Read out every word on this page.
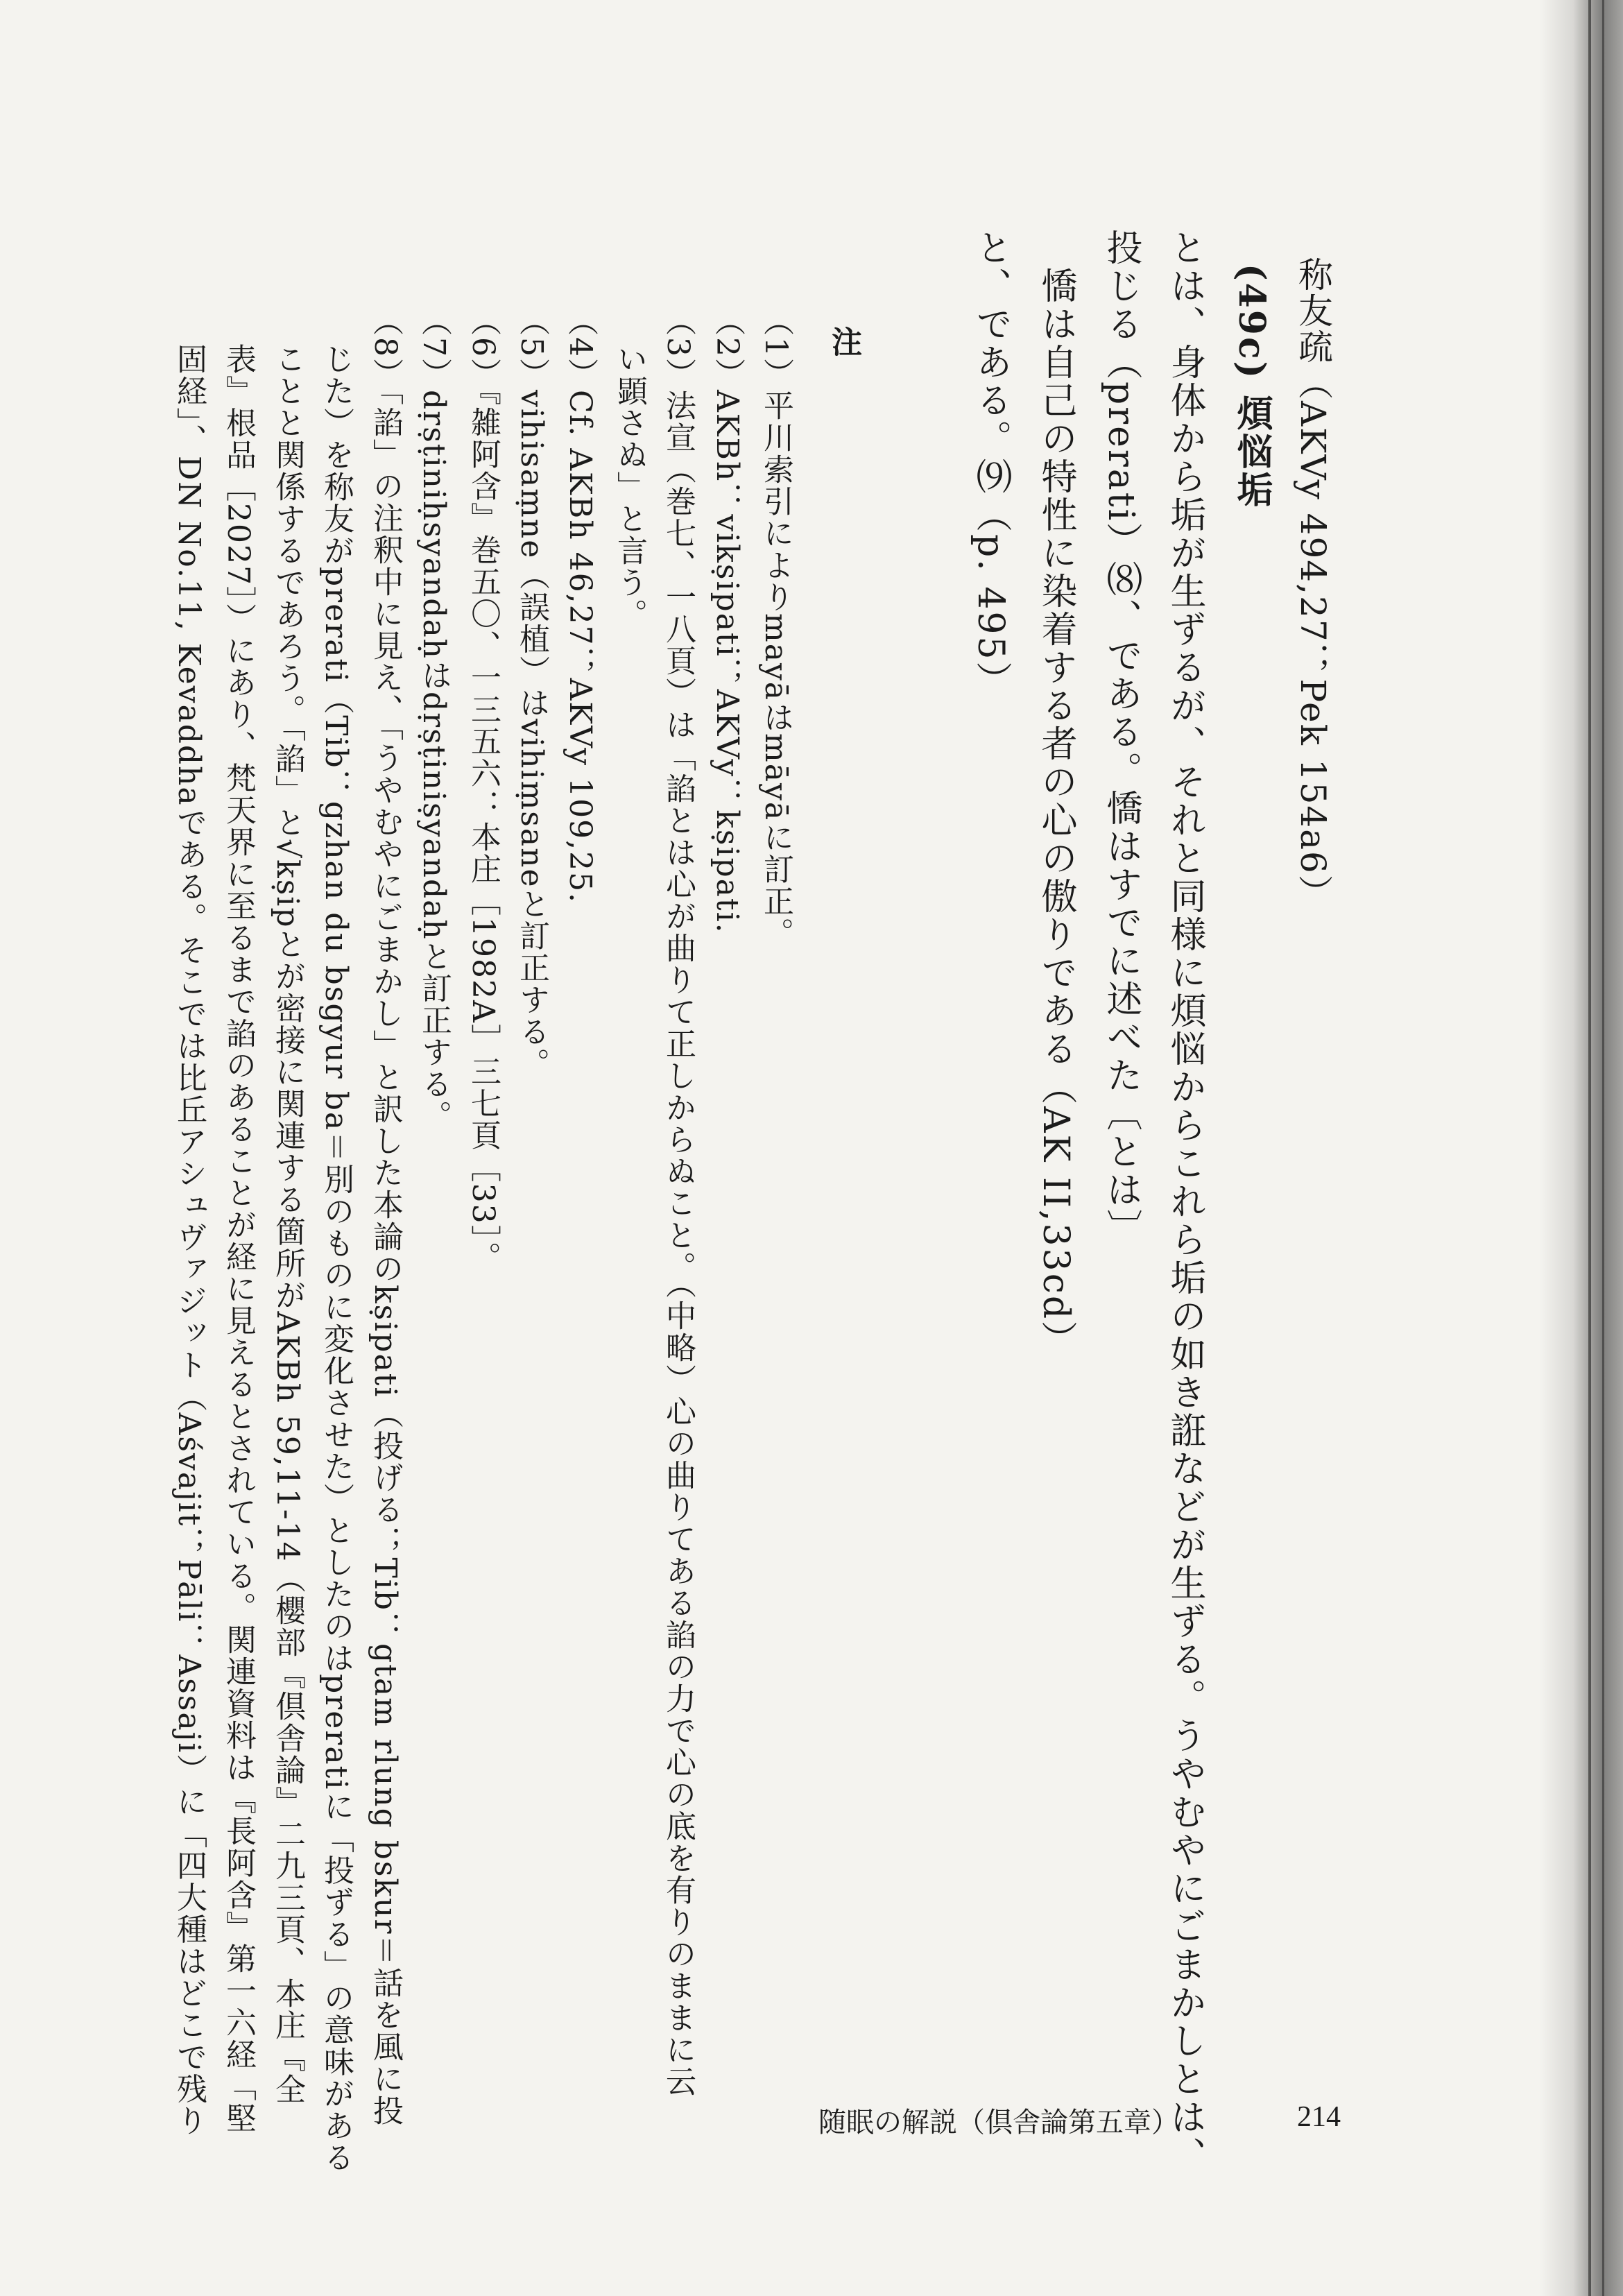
称友疏（AKVy 494,27；Pek 154a6）
(49c) 煩悩垢
とは、身体から垢が生ずるが、それと同様に煩悩からこれら垢の如き誑などが生ずる。うやむやにごまかしとは、
投じる（prerati）⑻、である。憍はすでに述べた〔とは〕
　憍は自己の特性に染着する者の心の傲りである（AK II,33cd）
と、である。⑼（p. 495）
注
（1）平川索引によりmayāはmāyāに訂正。
（2）AKBh：vikṣipati；AKVy：kṣipati.
（3）法宣（巻七、一八頁）は「諂とは心が曲りて正しからぬこと。（中略）心の曲りてある諂の力で心の底を有りのままに云
い顕さぬ」と言う。
（4）Cf. AKBh 46,27；AKVy 109,25.
（5）vihisaṃne（誤植）はvihiṃsaneと訂正する。
（6）『雑阿含』巻五〇、一三五六：本庄［1982A］三七頁［33］。
（7）dṛṣṭiniḥsyandaḥはdṛṣṭiniṣyandaḥと訂正する。
（8）「諂」の注釈中に見え、「うやむやにごまかし」と訳した本論のkṣipati（投げる；Tib：gtam rlung bskur＝話を風に投
じた）を称友がprerati（Tib：gzhan du bsgyur ba＝別のものに変化させた）としたのはpreratiに「投ずる」の意味がある
ことと関係するであろう。「諂」と√kṣipとが密接に関連する箇所がAKBh 59,11-14（櫻部『倶舎論』二九三頁、本庄『全
表』根品［2027］）にあり、梵天界に至るまで諂のあることが経に見えるとされている。関連資料は『長阿含』第一六経「堅
固経」、DN No.11, Kevaddhaである。そこでは比丘アシュヴァジット（Aśvajit；Pāli：Assaji）に「四大種はどこで残り	随眠の解説（倶舎論第五章）	214
